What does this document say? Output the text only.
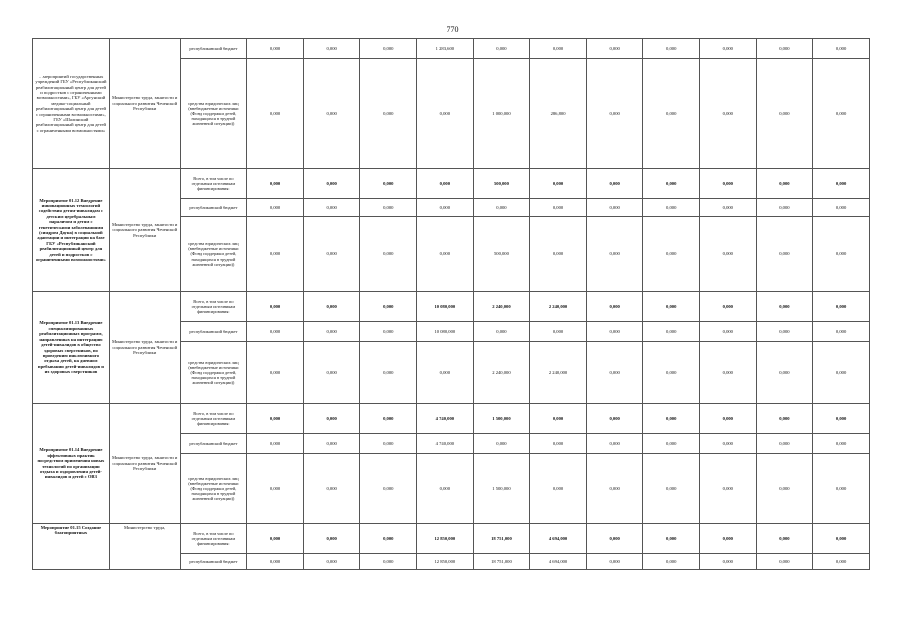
770
…мероприятий государственных учреждений ГБУ «Республиканский реабилитационный центр для детей и подростков с ограниченными возможностями», ГБУ «Аргунский медико-социальный реабилитационный центр для детей с ограниченными возможностями», ГБУ «Шалинский реабилитационный центр для детей с ограниченными возможностями»	Министерство труда, занятости и социального развития Чеченской Республики	республиканский бюджет	0,000	0,000	0,000	1 283,600	0,000	0,000	0,000	0,000	0,000	0,000	0,000
		средства юридических лиц (внебюджетные источники (Фонд поддержки детей, находящихся в трудной жизненной ситуации))	0,000	0,000	0,000	0,000	1 000,000	286,800	0,000	0,000	0,000	0,000	0,000
Мероприятие 01.12 Внедрение инновационных технологий содействия детям-инвалидам с детским церебральным параличом и детям с генетическими заболеваниями (синдром Дауна) в социальной адаптации и интеграции на базе ГБУ «Республиканский реабилитационный центр для детей и подростков с ограниченными возможностями»	Министерство труда, занятости и социального развития Чеченской Республики	Всего, в том числе по отдельным источникам финансирования:	0,000	0,000	0,000	0,000	500,000	0,000	0,000	0,000	0,000	0,000	0,000
		республиканский бюджет	0,000	0,000	0,000	0,000	0,000	0,000	0,000	0,000	0,000	0,000	0,000
		средства юридических лиц (внебюджетные источники (Фонд поддержки детей, находящихся в трудной жизненной ситуации))	0,000	0,000	0,000	0,000	500,000	0,000	0,000	0,000	0,000	0,000	0,000
Мероприятие 01.13 Внедрение специализированных реабилитационных программ, направленных на интеграцию детей-инвалидов в общество здоровых сверстников, по проведению инклюзивного отдыха детей, на дневном пребывании детей-инвалидов и их здоровых сверстников	Министерство труда, занятости и социального развития Чеченской Республики	Всего, в том числе по отдельным источникам финансирования:	0,000	0,000	0,000	10 080,000	2 240,000	2 240,000	0,000	0,000	0,000	0,000	0,000
		республиканский бюджет	0,000	0,000	0,000	10 080,000	0,000	0,000	0,000	0,000	0,000	0,000	0,000
		средства юридических лиц (внебюджетные источники (Фонд поддержки детей, находящихся в трудной жизненной ситуации))	0,000	0,000	0,000	0,000	2 240,000	2 240,000	0,000	0,000	0,000	0,000	0,000
Мероприятие 01.14 Внедрение эффективных практик посредством применения новых технологий по организации отдыха и оздоровления детей-инвалидов и детей с ОВЗ	Министерство труда, занятости и социального развития Чеченской Республики	Всего, в том числе по отдельным источникам финансирования:	0,000	0,000	0,000	4 740,000	1 500,000	0,000	0,000	0,000	0,000	0,000	0,000
		республиканский бюджет	0,000	0,000	0,000	4 740,000	0,000	0,000	0,000	0,000	0,000	0,000	0,000
		средства юридических лиц (внебюджетные источники (Фонд поддержки детей, находящихся в трудной жизненной ситуации))	0,000	0,000	0,000	0,000	1 500,000	0,000	0,000	0,000	0,000	0,000	0,000
Мероприятие 01.15 Создание благоприятных	Министерство труда,	Всего, в том числе по отдельным источникам финансирования:	0,000	0,000	0,000	12 850,000	18 751,000	4 694,000	0,000	0,000	0,000	0,000	0,000
		республиканский бюджет	0,000	0,000	0,000	12 850,000	18 751,000	4 694,000	0,000	0,000	0,000	0,000	0,000
